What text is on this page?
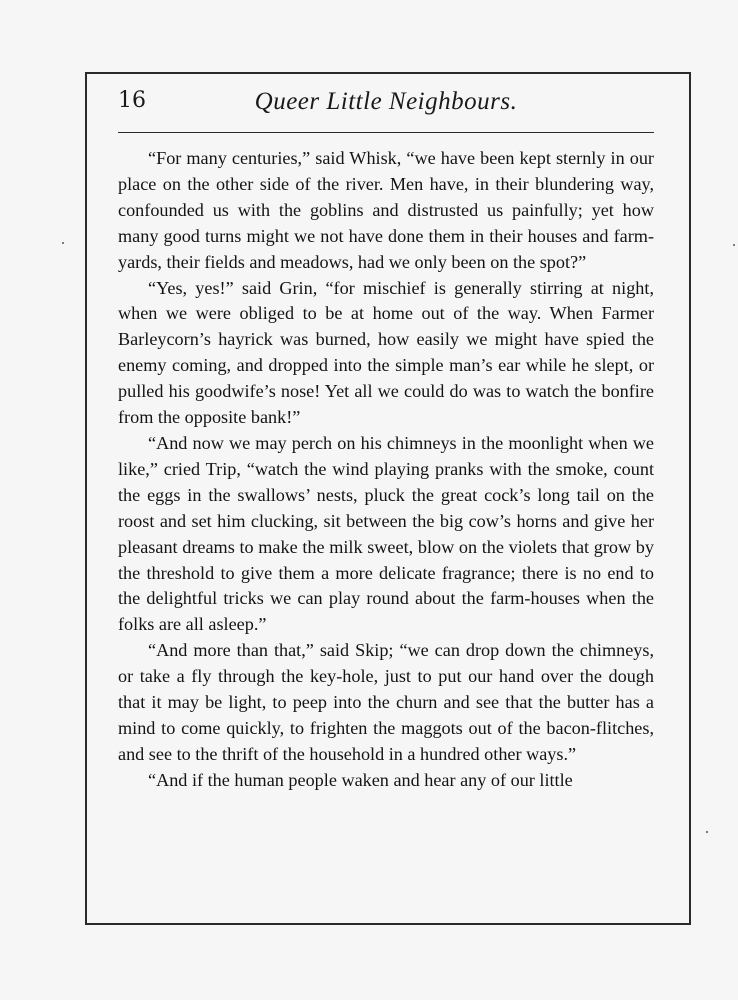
16	Queer Little Neighbours.

“For many centuries,” said Whisk, “we have been kept sternly in our place on the other side of the river. Men have, in their blundering way, confounded us with the goblins and distrusted us painfully; yet how many good turns might we not have done them in their houses and farm-yards, their fields and meadows, had we only been on the spot?”

“Yes, yes!” said Grin, “for mischief is generally stirring at night, when we were obliged to be at home out of the way. When Farmer Barleycorn’s hayrick was burned, how easily we might have spied the enemy coming, and dropped into the simple man’s ear while he slept, or pulled his goodwife’s nose! Yet all we could do was to watch the bonfire from the opposite bank!”

“And now we may perch on his chimneys in the moonlight when we like,” cried Trip, “watch the wind playing pranks with the smoke, count the eggs in the swallows’ nests, pluck the great cock’s long tail on the roost and set him clucking, sit between the big cow’s horns and give her pleasant dreams to make the milk sweet, blow on the violets that grow by the threshold to give them a more delicate fragrance; there is no end to the delightful tricks we can play round about the farm-houses when the folks are all asleep.”

“And more than that,” said Skip; “we can drop down the chimneys, or take a fly through the key-hole, just to put our hand over the dough that it may be light, to peep into the churn and see that the butter has a mind to come quickly, to frighten the maggots out of the bacon-flitches, and see to the thrift of the household in a hundred other ways.”

“And if the human people waken and hear any of our little
